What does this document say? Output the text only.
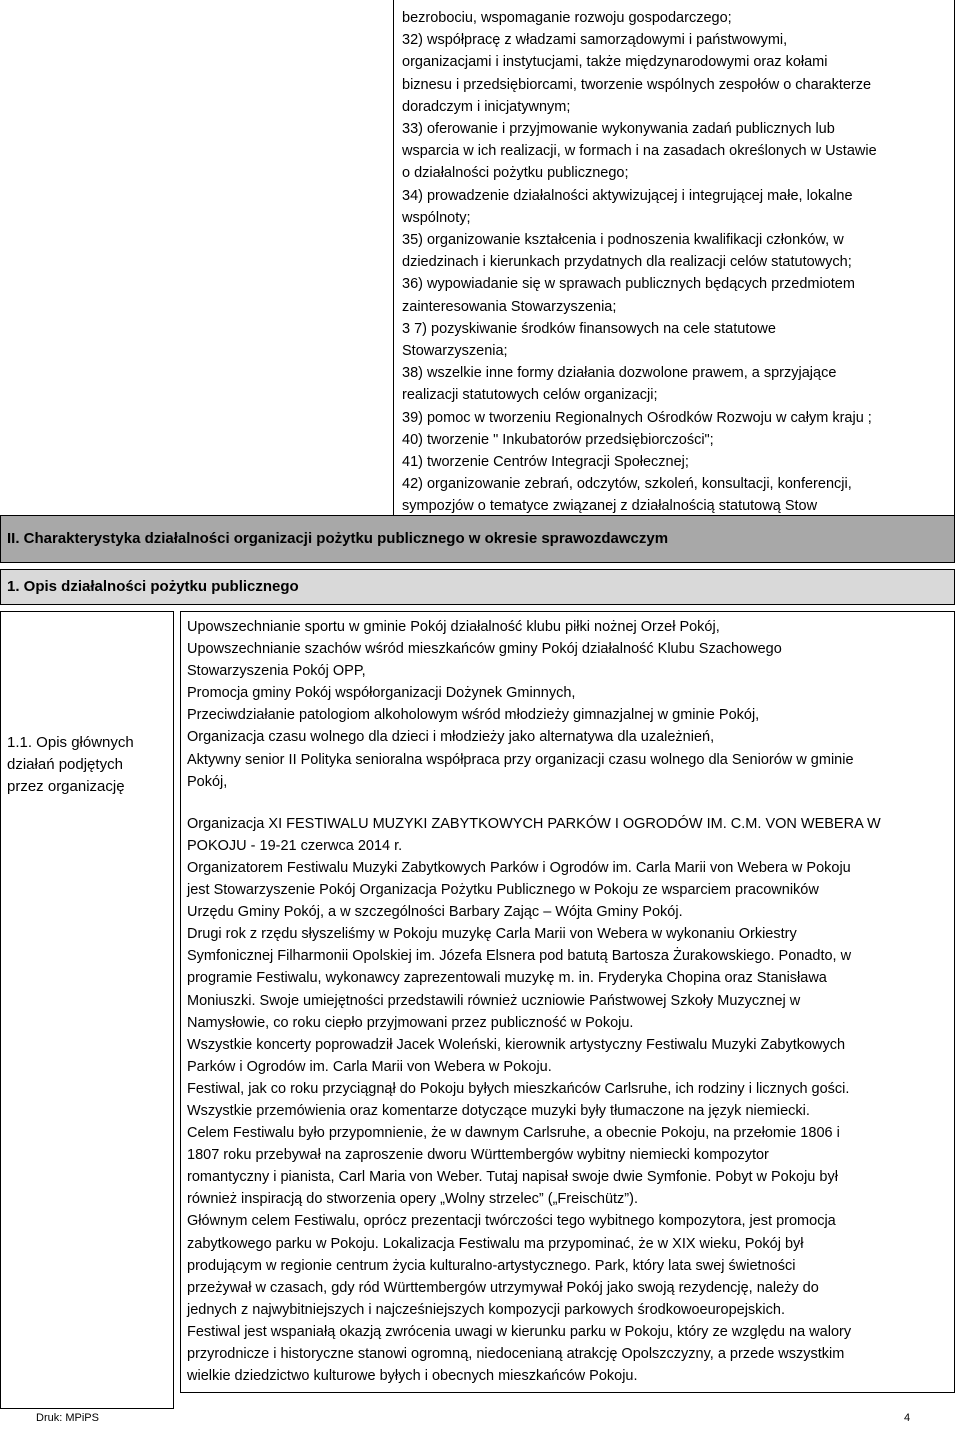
bezrobociu, wspomaganie rozwoju gospodarczego;
32) współpracę z władzami samorządowymi i państwowymi,
organizacjami i instytucjami, także międzynarodowymi oraz kołami
biznesu i przedsiębiorcami, tworzenie wspólnych zespołów o charakterze
doradczym i inicjatywnym;
33) oferowanie i przyjmowanie wykonywania zadań publicznych lub
wsparcia w ich realizacji, w formach i na zasadach określonych w Ustawie
o działalności pożytku publicznego;
34) prowadzenie działalności aktywizującej i integrującej małe, lokalne
wspólnoty;
35) organizowanie kształcenia i podnoszenia kwalifikacji członków, w
dziedzinach i kierunkach przydatnych dla realizacji celów statutowych;
36) wypowiadanie się w sprawach publicznych będących przedmiotem
zainteresowania Stowarzyszenia;
3 7) pozyskiwanie środków finansowych na cele statutowe
Stowarzyszenia;
38) wszelkie inne formy działania dozwolone prawem, a sprzyjające
realizacji statutowych celów organizacji;
39) pomoc w tworzeniu Regionalnych Ośrodków Rozwoju w całym kraju ;
40) tworzenie " Inkubatorów przedsiębiorczości";
41) tworzenie Centrów Integracji Społecznej;
42) organizowanie zebrań, odczytów, szkoleń, konsultacji, konferencji,
sympozjów o tematyce związanej z działalnością statutową Stow
II. Charakterystyka działalności organizacji pożytku publicznego w okresie sprawozdawczym
1. Opis działalności pożytku publicznego
1.1. Opis głównych
działań podjętych
przez organizację
Upowszechnianie sportu w gminie Pokój działalność klubu piłki nożnej Orzeł Pokój,
Upowszechnianie szachów wśród mieszkańców gminy Pokój działalność Klubu Szachowego
Stowarzyszenia Pokój OPP,
Promocja gminy Pokój współorganizacji Dożynek Gminnych,
Przeciwdziałanie patologiom alkoholowym wśród młodzieży gimnazjalnej w gminie Pokój,
Organizacja czasu wolnego dla dzieci i młodzieży jako alternatywa dla uzależnień,
Aktywny senior II Polityka senioralna współpraca przy organizacji czasu wolnego dla Seniorów w gminie
Pokój,
Organizacja XI FESTIWALU MUZYKI ZABYTKOWYCH PARKÓW I OGRODÓW IM. C.M. VON WEBERA W
POKOJU - 19-21 czerwca 2014 r.
Organizatorem Festiwalu Muzyki Zabytkowych Parków i Ogrodów im. Carla Marii von Webera w Pokoju
jest Stowarzyszenie Pokój Organizacja Pożytku Publicznego w Pokoju ze wsparciem pracowników
Urzędu Gminy Pokój, a w szczególności Barbary Zając – Wójta Gminy Pokój.
Drugi rok z rzędu słyszeliśmy w Pokoju muzykę Carla Marii von Webera w wykonaniu Orkiestry
Symfonicznej Filharmonii Opolskiej im. Józefa Elsnera pod batutą Bartosza Żurakowskiego. Ponadto, w
programie Festiwalu, wykonawcy zaprezentowali muzykę m. in. Fryderyka Chopina oraz Stanisława
Moniuszki. Swoje umiejętności przedstawili również uczniowie Państwowej Szkoły Muzycznej w
Namysłowie, co roku ciepło przyjmowani przez publiczność w Pokoju.
Wszystkie koncerty poprowadził Jacek Woleński, kierownik artystyczny Festiwalu Muzyki Zabytkowych
Parków i Ogrodów im. Carla Marii von Webera w Pokoju.
Festiwal, jak co roku przyciągnął do Pokoju byłych mieszkańców Carlsruhe, ich rodziny i licznych gości.
Wszystkie przemówienia oraz komentarze dotyczące muzyki były tłumaczone na język niemiecki.
Celem Festiwalu było przypomnienie, że w dawnym Carlsruhe, a obecnie Pokoju, na przełomie 1806 i
1807 roku przebywał na zaproszenie dworu Württembergów wybitny niemiecki kompozytor
romantyczny i pianista, Carl Maria von Weber. Tutaj napisał swoje dwie Symfonie. Pobyt w Pokoju był
również inspiracją do stworzenia opery „Wolny strzelec” („Freischütz”).
Głównym celem Festiwalu, oprócz prezentacji twórczości tego wybitnego kompozytora, jest promocja
zabytkowego parku w Pokoju. Lokalizacja Festiwalu ma przypominać, że w XIX wieku, Pokój był
prodującym w regionie centrum życia kulturalno-artystycznego. Park, który lata swej świetności
przeżywał w czasach, gdy ród Württembergów utrzymywał Pokój jako swoją rezydencję, należy do
jednych z najwybitniejszych i najcześniejszych kompozycji parkowych środkowoeuropejskich.
Festiwal jest wspaniałą okazją zwrócenia uwagi w kierunku parku w Pokoju, który ze względu na walory
przyrodnicze i historyczne stanowi ogromną, niedocenianą atrakcję Opolszczyzny, a przede wszystkim
wielkie dziedzictwo kulturowe byłych i obecnych mieszkańców Pokoju.
Druk: MPiPS	4
